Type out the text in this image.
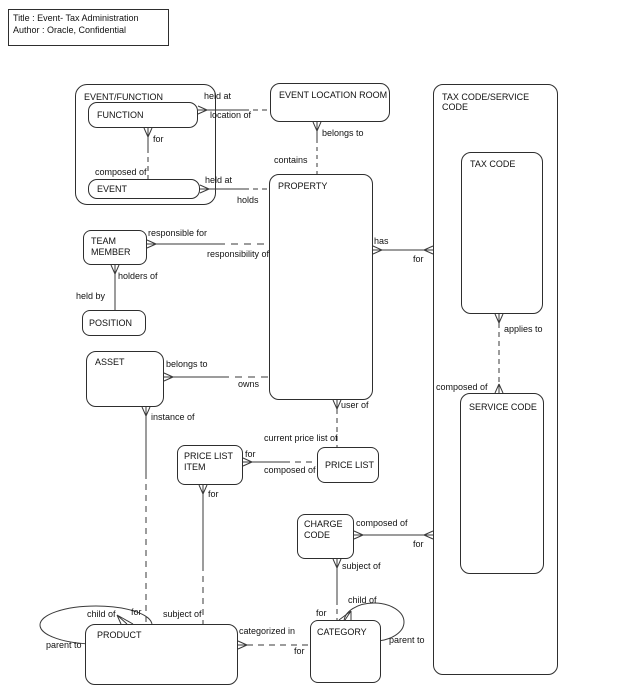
Title : Event- Tax Administration
Author : Oracle, Confidential
EVENT/FUNCTION	TAX CODE/SERVICE CODE
FUNCTION
EVENT
EVENT LOCATION ROOM
PROPERTY
TAX CODE
SERVICE CODE
TEAM MEMBER
POSITION
ASSET
PRICE LIST ITEM	PRICE LIST
CHARGE CODE
PRODUCT	CATEGORY
held at
location of
for
composed of
held at
holds
belongs to
contains
responsible for
responsibility of
holders of
held by
belongs to
owns
instance of
has
for
user of
current price list of
for
composed of
for
applies to
composed of
composed of
for
subject of
child of
parent to
for subject of
categorized in
for
for
child of
parent to
